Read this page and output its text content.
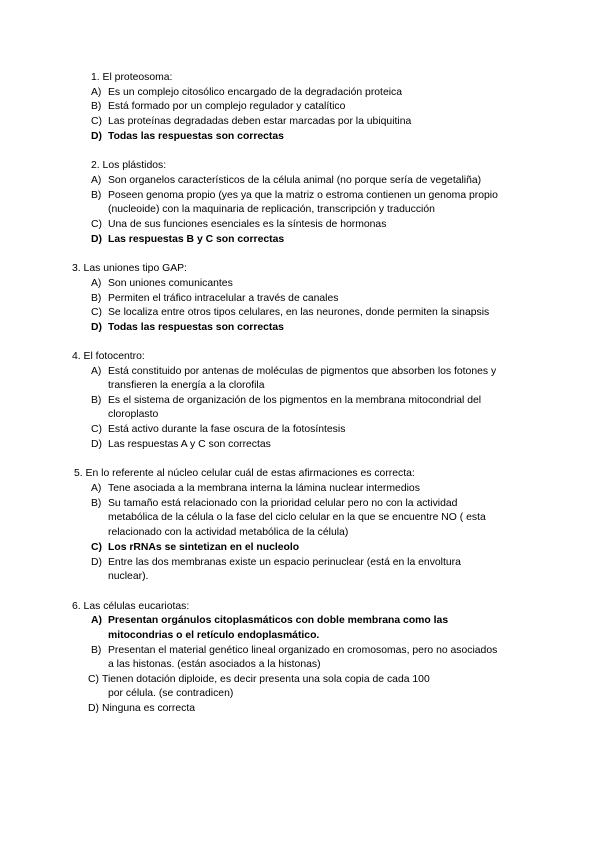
1. El proteosoma:
A) Es un complejo citosólico encargado de la degradación proteica
B) Está formado por un complejo regulador y catalítico
C) Las proteínas degradadas deben estar marcadas por la ubiquitina
D) Todas las respuestas son correctas
2. Los plástidos:
A) Son organelos característicos de la célula animal (no porque sería de vegetaliña)
B) Poseen genoma propio (yes ya que la matriz o estroma contienen un genoma propio
(nucleoide) con la maquinaria de replicación, transcripción y traducción
C) Una de sus funciones esenciales es la síntesis de hormonas
D) Las respuestas B y C son correctas
3. Las uniones tipo GAP:
A) Son uniones comunicantes
B) Permiten el tráfico intracelular a través de canales
C) Se localiza entre otros tipos celulares, en las neurones, donde permiten la sinapsis
D) Todas las respuestas son correctas
4. El fotocentro:
A) Está constituido por antenas de moléculas de pigmentos que absorben los fotones y
transfieren la energía a la clorofila
B) Es el sistema de organización de los pigmentos en la membrana mitocondrial del
cloroplasto
C) Está activo durante la fase oscura de la fotosíntesis
D) Las respuestas A y C son correctas
5. En lo referente al núcleo celular cuál de estas afirmaciones es correcta:
A) Tene asociada a la membrana interna la lámina nuclear intermedios
B) Su tamaño está relacionado con la prioridad celular pero no con la actividad
metabólica de la célula o la fase del ciclo celular en la que se encuentre NO ( esta
relacionado con la actividad metabólica de la célula)
C) Los rRNAs se sintetizan en el nucleolo
D) Entre las dos membranas existe un espacio perinuclear (está en la envoltura
nuclear).
6. Las células eucariotas:
A) Presentan orgánulos citoplasmáticos con doble membrana como las
mitocondrias o el retículo endoplasmático.
B) Presentan el material genético lineal organizado en cromosomas, pero no asociados
a las histonas. (están asociados a la histonas)
C) Tienen dotación diploide, es decir presenta una sola copia de cada 100
por célula. (se contradicen)
D) Ninguna es correcta
